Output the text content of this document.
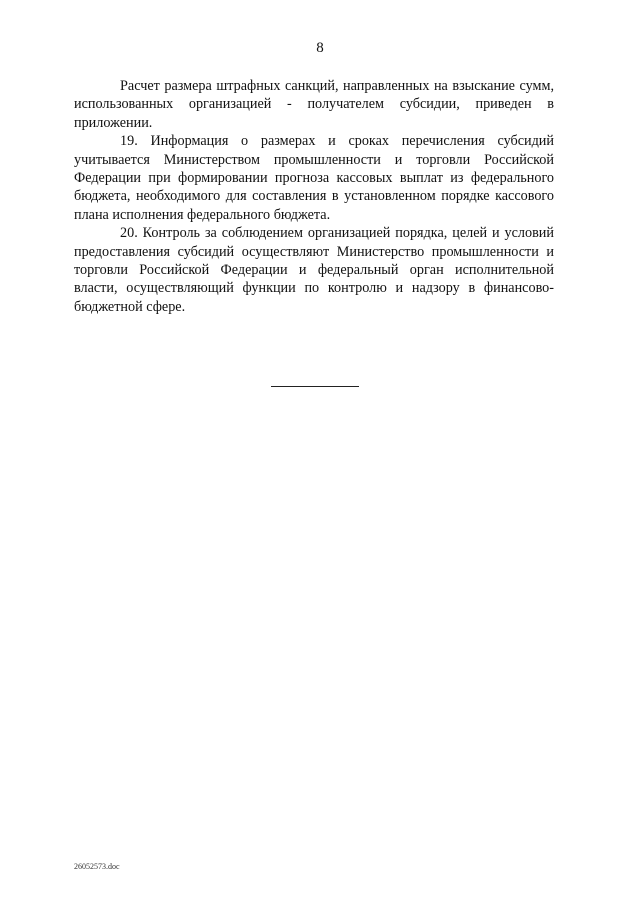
8

Расчет размера штрафных санкций, направленных на взыскание сумм, использованных организацией - получателем субсидии, приведен в приложении.

19. Информация о размерах и сроках перечисления субсидий учитывается Министерством промышленности и торговли Российской Федерации при формировании прогноза кассовых выплат из федерального бюджета, необходимого для составления в установленном порядке кассового плана исполнения федерального бюджета.

20. Контроль за соблюдением организацией порядка, целей и условий предоставления субсидий осуществляют Министерство промышленности и торговли Российской Федерации и федеральный орган исполнительной власти, осуществляющий функции по контролю и надзору в финансово-бюджетной сфере.

26052573.doc
